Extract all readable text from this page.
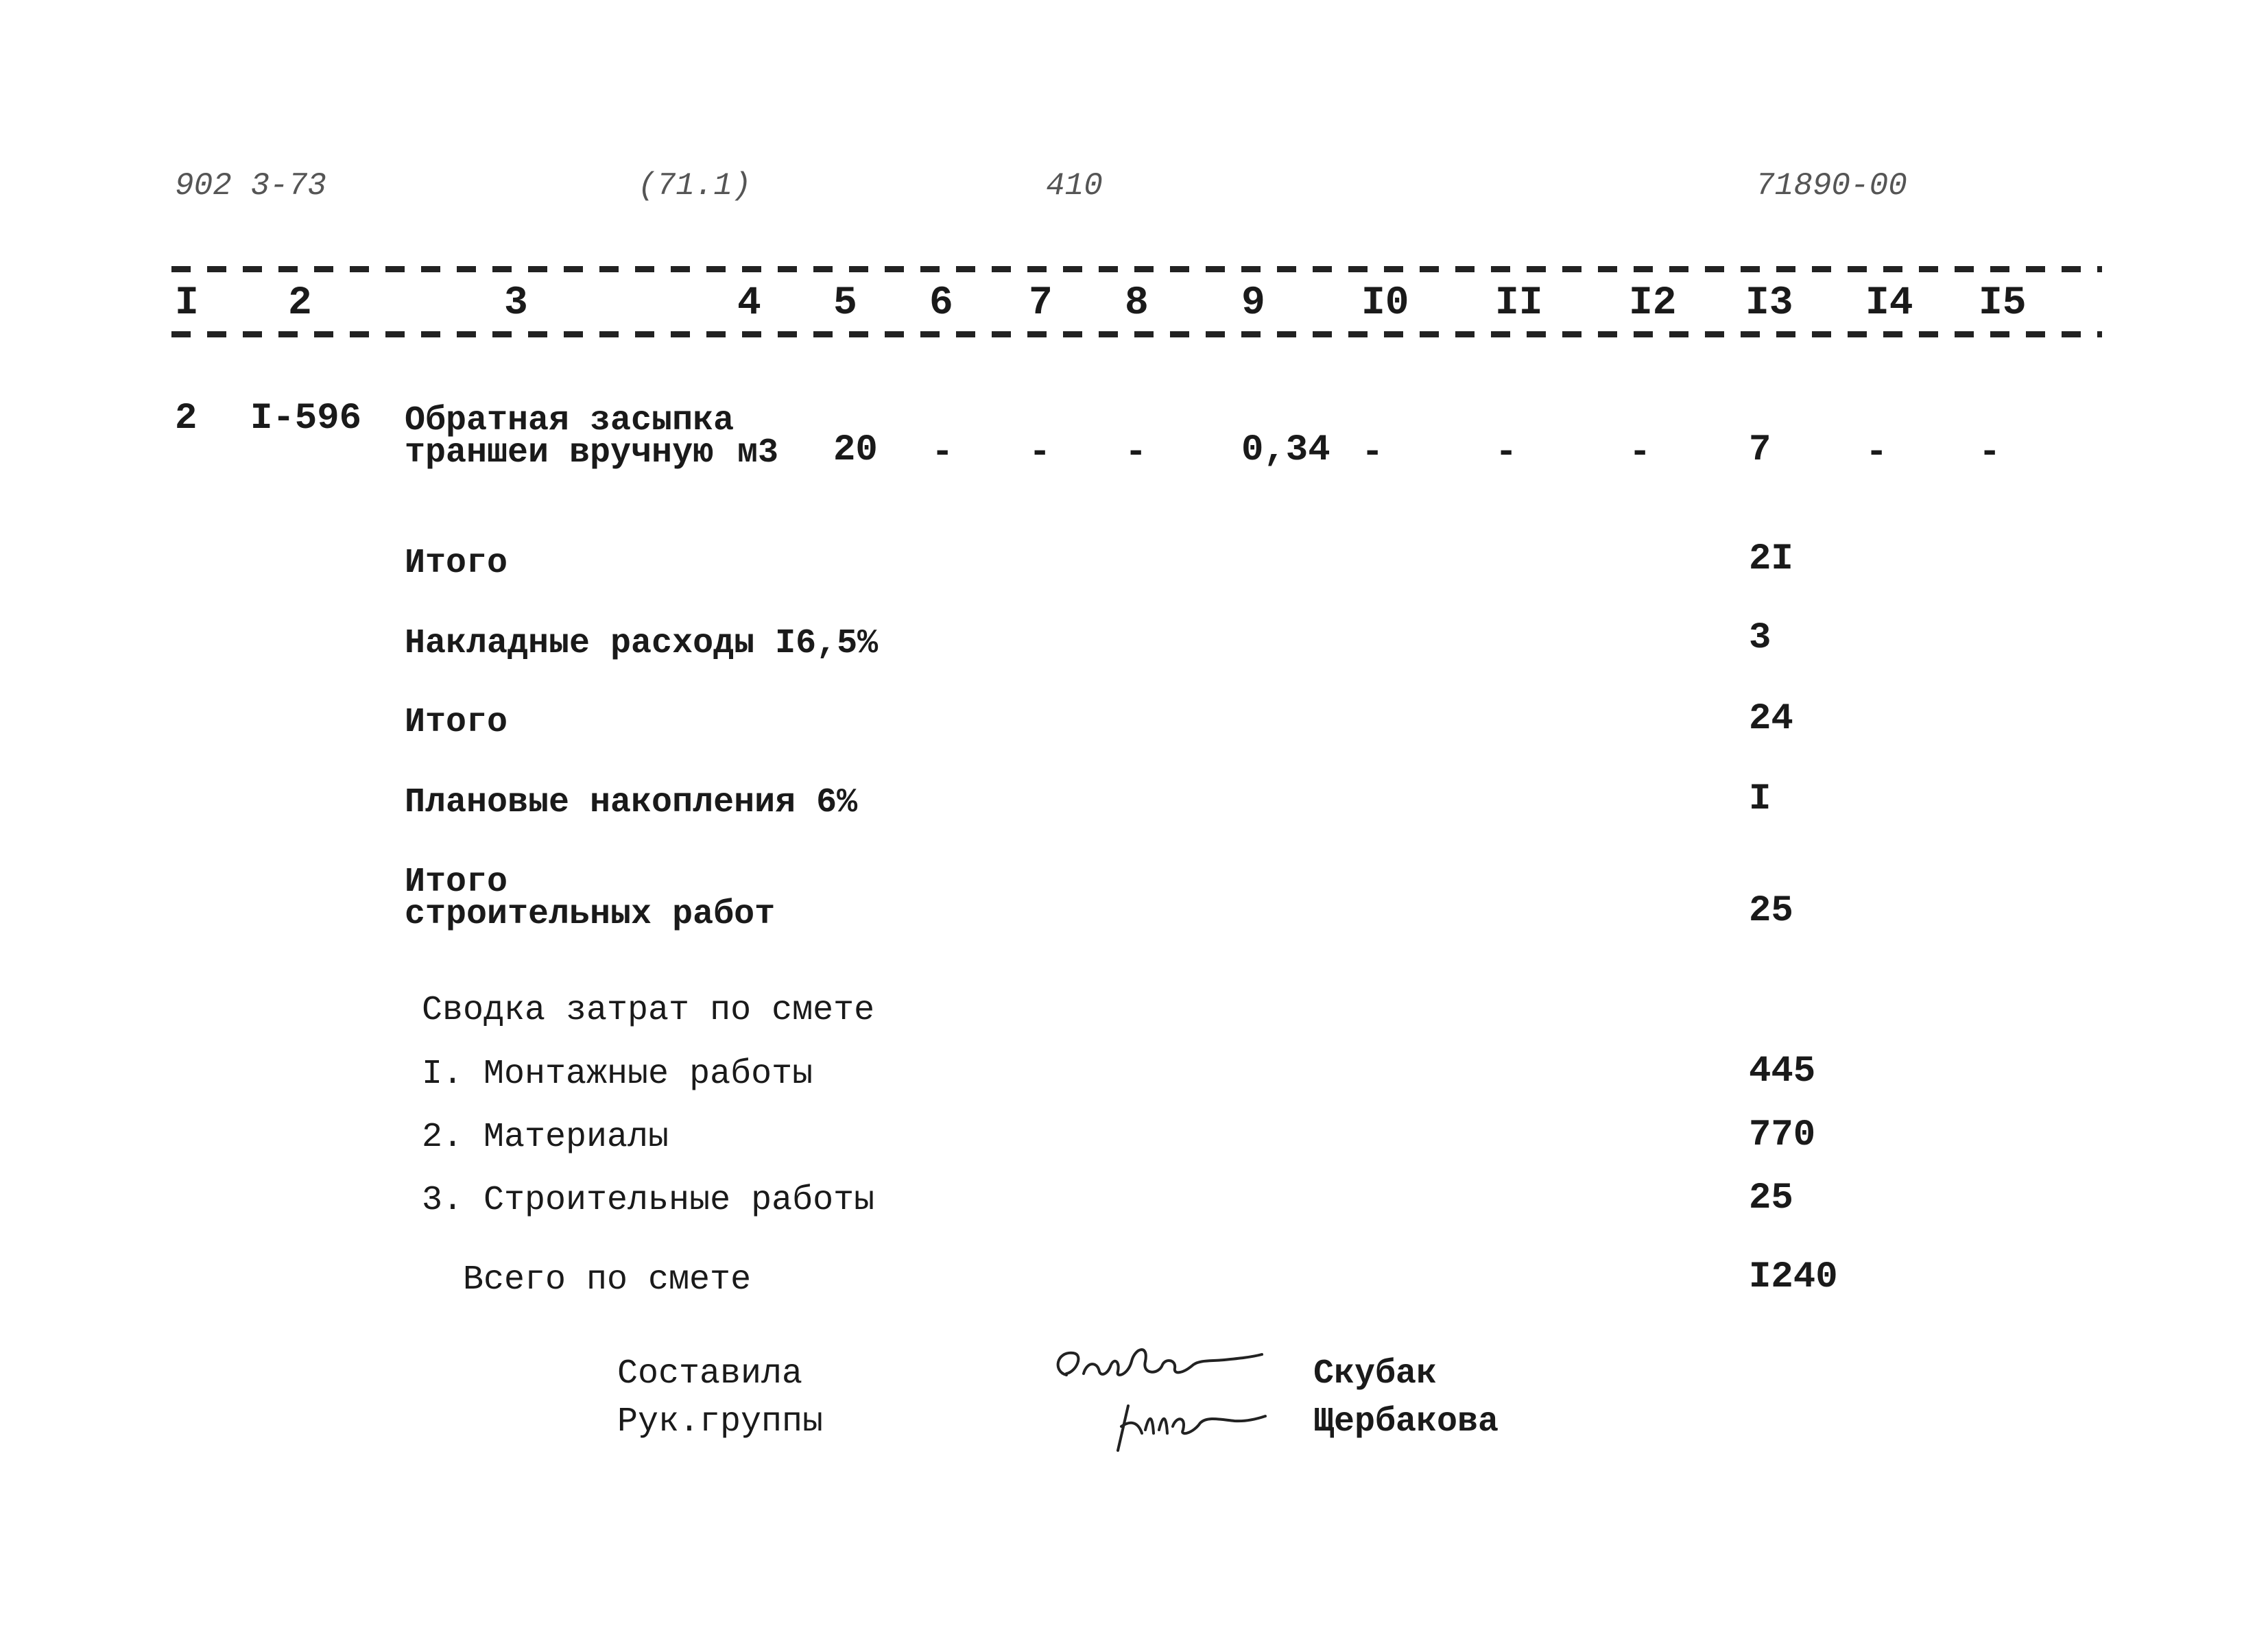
902 3-73	(71.1)	410	71890-00
I 2	3	4 5 6 7 8 9 I0 II I2 I3 I4 I5
2 I-596 Обратная засыпка
траншеи вручную м3 20 - - -	0,34 -	-	-	7	- -
Итого	2I
Накладные расходы I6,5%	3
Итого	24
Плановые накопления 6%	I
Итого
строительных работ	25
Сводка затрат по смете
I. Монтажные работы	445
2. Материалы	770
3. Строительные работы	25
Всего по смете	I240
Составила
Рук.группы
Скубак
Щербакова
